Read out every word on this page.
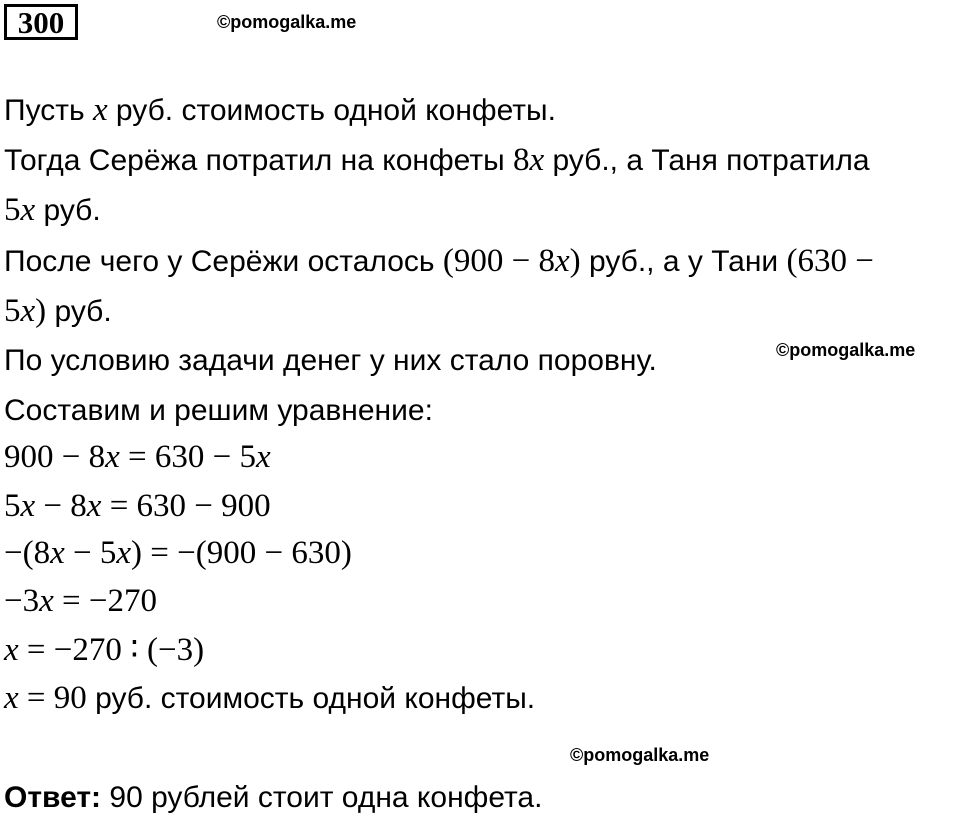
300	©pomogalka.me
©pomogalka.me
©pomogalka.me
Пусть x руб. стоимость одной конфеты.
Тогда Серёжа потратил на конфеты 8x руб., а Таня потратила
5x руб.
После чего у Серёжи осталось (900 − 8x) руб., а у Тани (630 −
5x) руб.
По условию задачи денег у них стало поровну.
Составим и решим уравнение:
900 − 8x = 630 − 5x
5x − 8x = 630 − 900
−(8x − 5x) = −(900 − 630)
−3x = −270
x = −270 ∶ (−3)
x = 90 руб. стоимость одной конфеты.
Ответ: 90 рублей стоит одна конфета.
